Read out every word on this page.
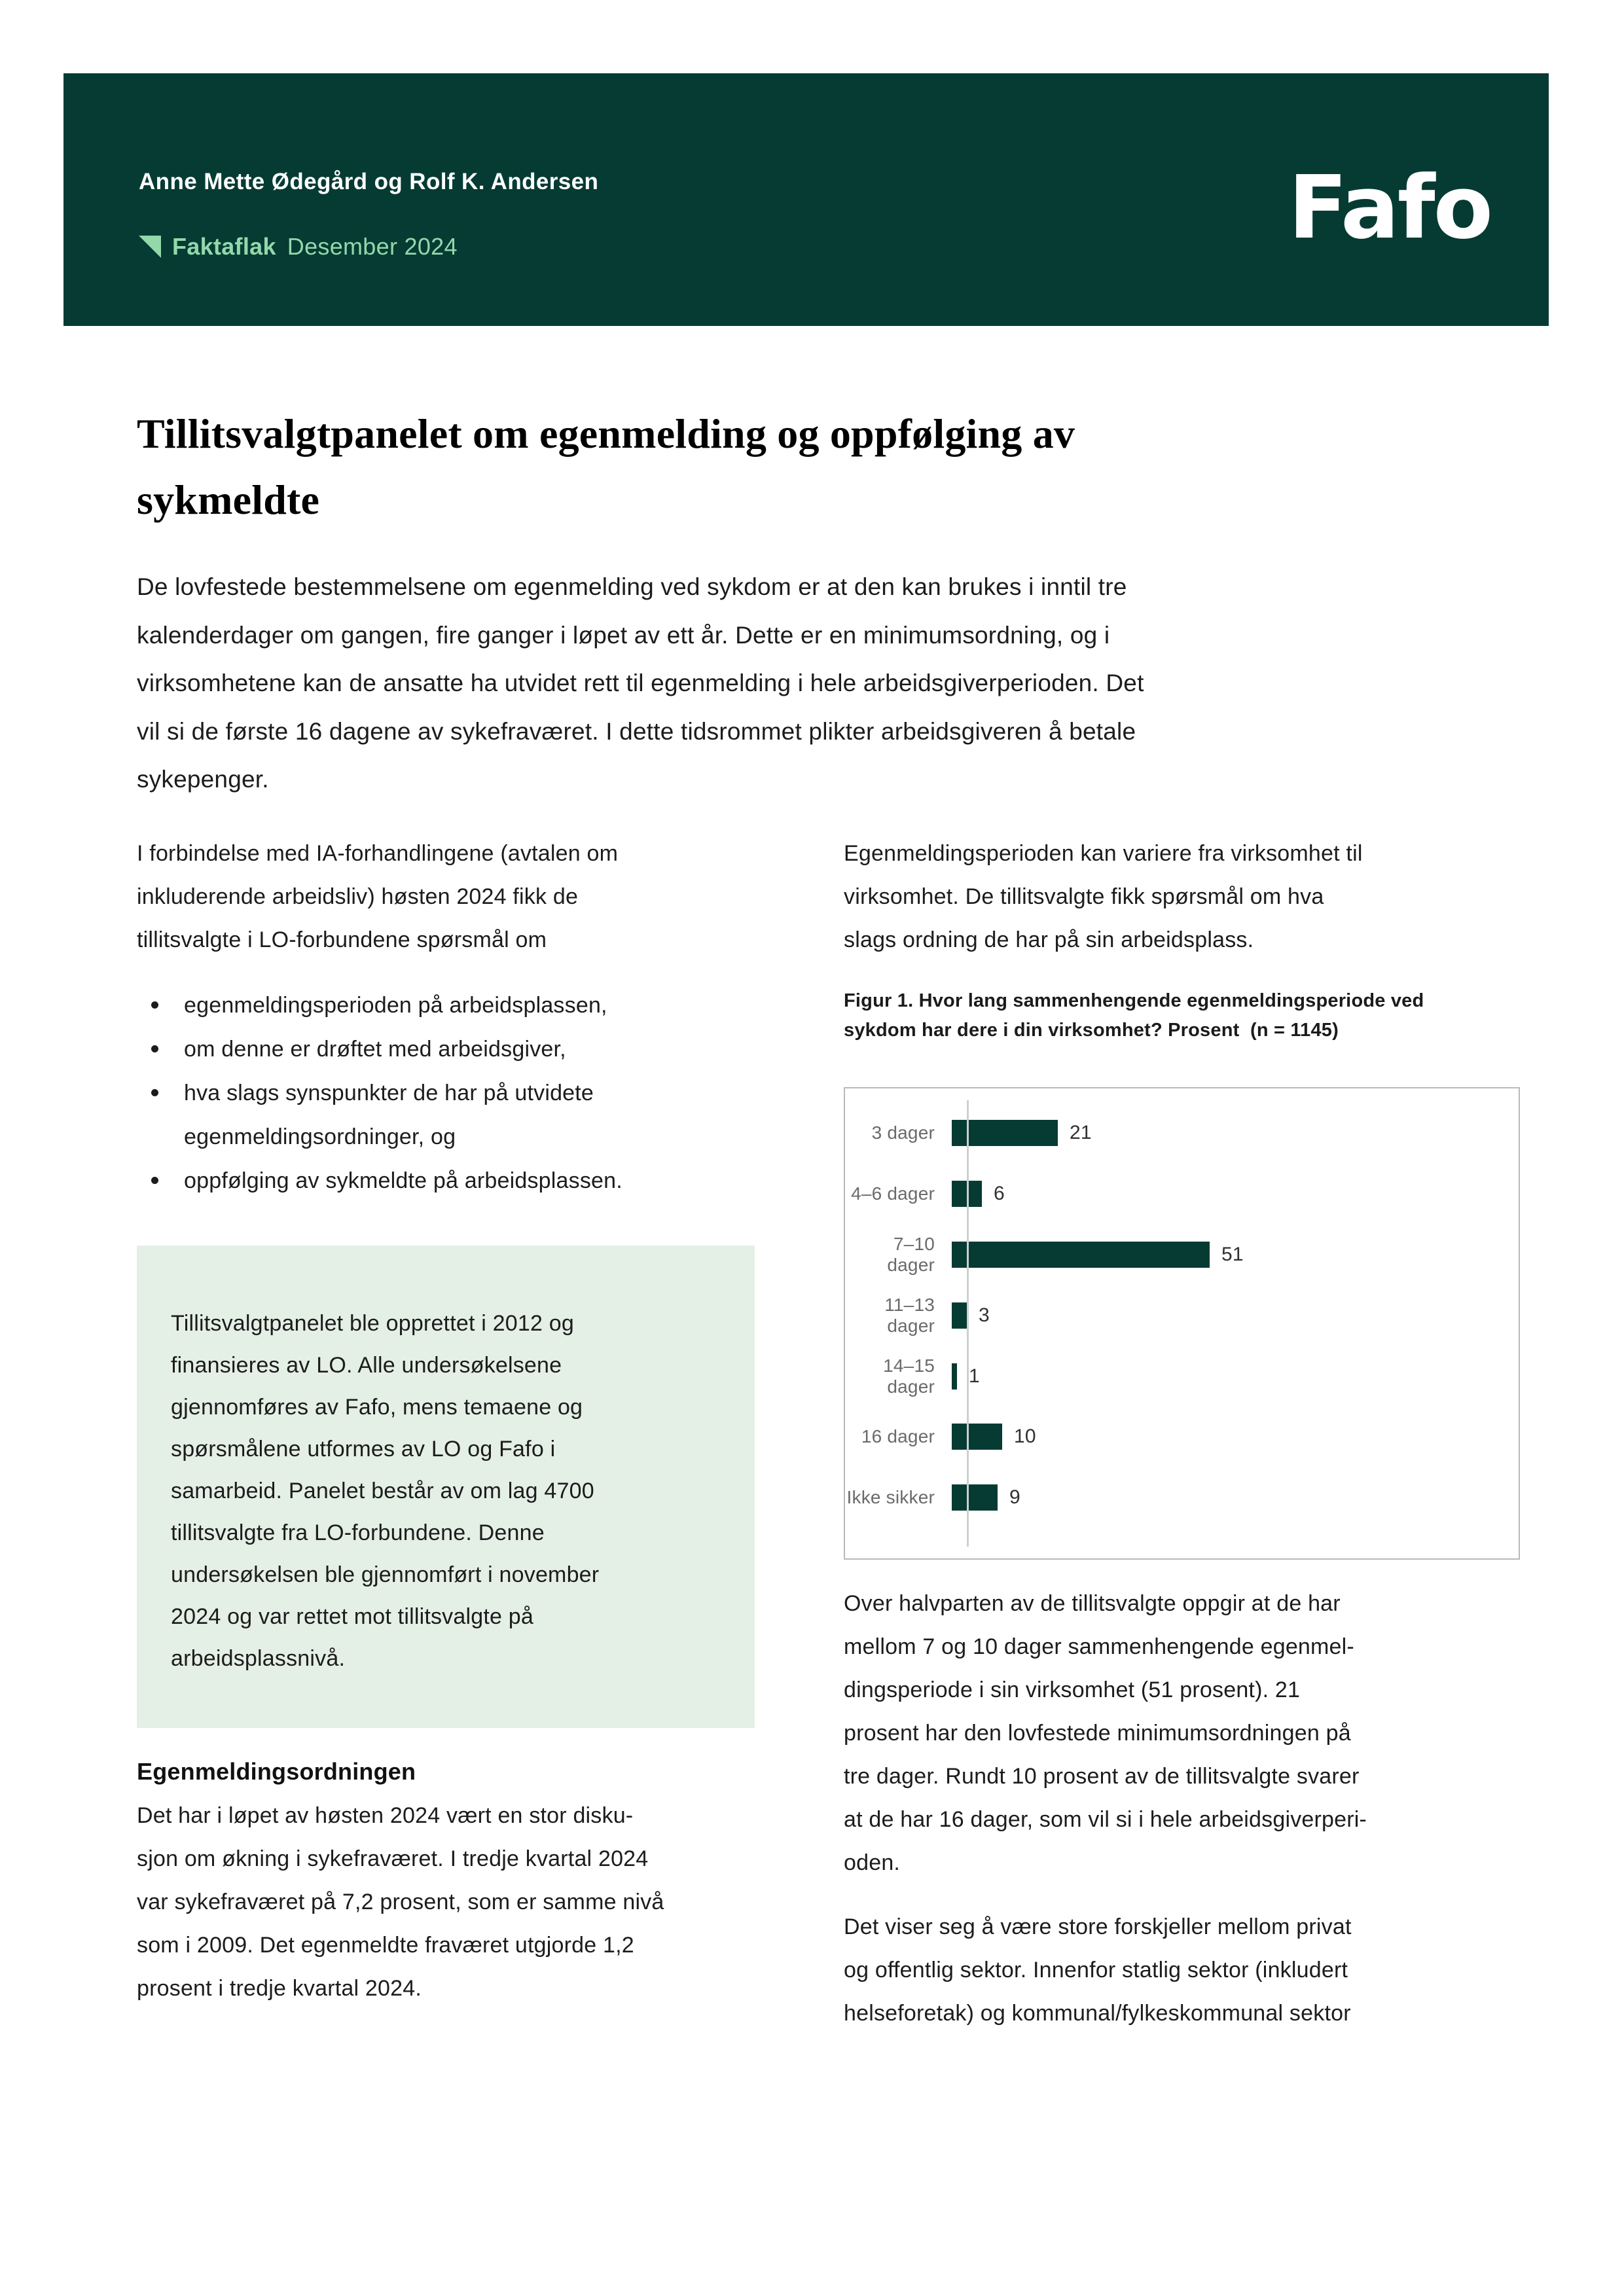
Anne Mette Ødegård og Rolf K. Andersen
Faktaflak Desember 2024	Fafo
Tillitsvalgtpanelet om egenmelding og oppfølging av
sykmeldte
De lovfestede bestemmelsene om egenmelding ved sykdom er at den kan brukes i inntil tre
kalenderdager om gangen, fire ganger i løpet av ett år. Dette er en minimumsordning, og i
virksomhetene kan de ansatte ha utvidet rett til egenmelding i hele arbeidsgiverperioden. Det
vil si de første 16 dagene av sykefraværet. I dette tidsrommet plikter arbeidsgiveren å betale
sykepenger.
I forbindelse med IA-forhandlingene (avtalen om
inkluderende arbeidsliv) høsten 2024 fikk de
tillitsvalgte i LO-forbundene spørsmål om
egenmeldingsperioden på arbeidsplassen,
om denne er drøftet med arbeidsgiver,
hva slags synspunkter de har på utvidete
egenmeldingsordninger, og
oppfølging av sykmeldte på arbeidsplassen.
Tillitsvalgtpanelet ble opprettet i 2012 og
finansieres av LO. Alle undersøkelsene
gjennomføres av Fafo, mens temaene og
spørsmålene utformes av LO og Fafo i
samarbeid. Panelet består av om lag 4700
tillitsvalgte fra LO-forbundene. Denne
undersøkelsen ble gjennomført i november
2024 og var rettet mot tillitsvalgte på
arbeidsplassnivå.
Egenmeldingsordningen
Det har i løpet av høsten 2024 vært en stor disku-
sjon om økning i sykefraværet. I tredje kvartal 2024
var sykefraværet på 7,2 prosent, som er samme nivå
som i 2009. Det egenmeldte fraværet utgjorde 1,2
prosent i tredje kvartal 2024.
Egenmeldingsperioden kan variere fra virksomhet til
virksomhet. De tillitsvalgte fikk spørsmål om hva
slags ordning de har på sin arbeidsplass.
Figur 1. Hvor lang sammenhengende egenmeldingsperiode ved
sykdom har dere i din virksomhet? Prosent  (n = 1145)
3 dager	21
4–6 dager	6
7–10 dager	51
11–13 dager	3
14–15 dager	1
16 dager	10
Ikke sikker	9
Over halvparten av de tillitsvalgte oppgir at de har
mellom 7 og 10 dager sammenhengende egenmel-
dingsperiode i sin virksomhet (51 prosent). 21
prosent har den lovfestede minimumsordningen på
tre dager. Rundt 10 prosent av de tillitsvalgte svarer
at de har 16 dager, som vil si i hele arbeidsgiverperi-
oden.
Det viser seg å være store forskjeller mellom privat
og offentlig sektor. Innenfor statlig sektor (inkludert
helseforetak) og kommunal/fylkeskommunal sektor
